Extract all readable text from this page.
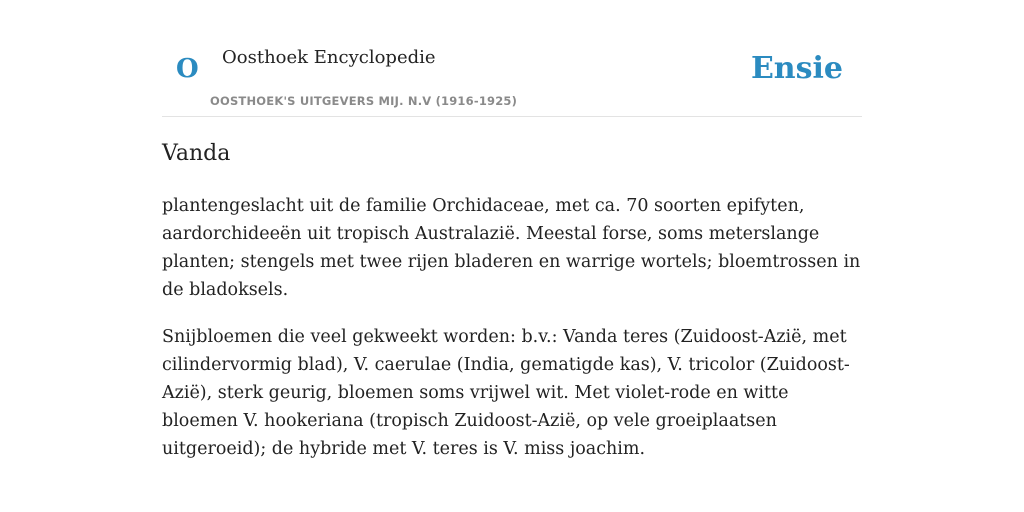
O Oosthoek Encyclopedie
OOSTHOEK'S UITGEVERS MIJ. N.V (1916-1925)
Ensie
Vanda

plantengeslacht uit de familie Orchidaceae, met ca. 70 soorten epifyten, aardorchideeën uit tropisch Australazië. Meestal forse, soms meterslange planten; stengels met twee rijen bladeren en warrige wortels; bloemtrossen in de bladoksels.

Snijbloemen die veel gekweekt worden: b.v.: Vanda teres (Zuidoost-Azië, met cilindervormig blad), V. caerulae (India, gematigde kas), V. tricolor (Zuidoost-Azië), sterk geurig, bloemen soms vrijwel wit. Met violet-rode en witte bloemen V. hookeriana (tropisch Zuidoost-Azië, op vele groeiplaatsen uitgeroeid); de hybride met V. teres is V. miss joachim.
